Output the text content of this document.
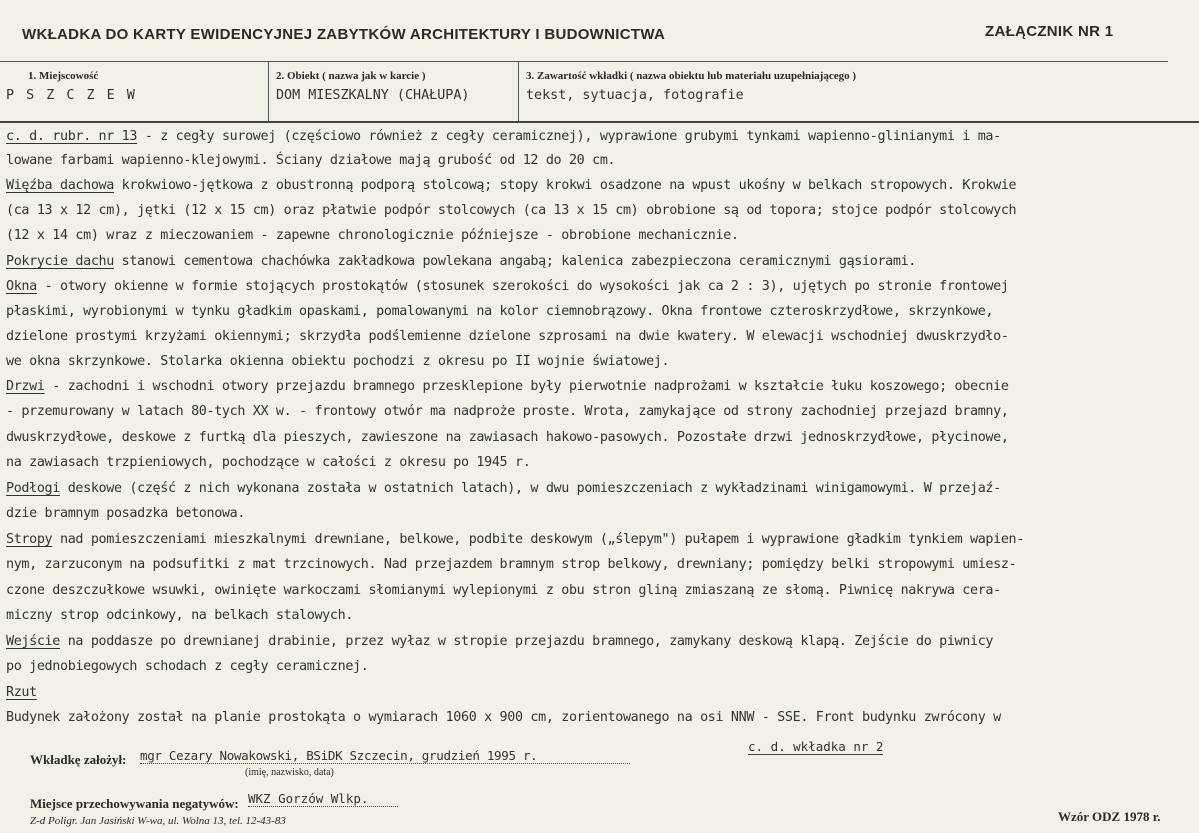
WKŁADKA DO KARTY EWIDENCYJNEJ ZABYTKÓW ARCHITEKTURY I BUDOWNICTWA	ZAŁĄCZNIK NR 1
1. Miejscowość
P S Z C Z E W
2. Obiekt ( nazwa jak w karcie )
DOM MIESZKALNY (CHAŁUPA)
3. Zawartość wkładki ( nazwa obiektu lub materiału uzupełniającego )
tekst, sytuacja, fotografie
c. d. rubr. nr 13 - z cegły surowej (częściowo również z cegły ceramicznej), wyprawione grubymi tynkami wapienno-glinianymi i ma-
lowane farbami wapienno-klejowymi. Ściany działowe mają grubość od 12 do 20 cm.
Więźba dachowa krokwiowo-jętkowa z obustronną podporą stolcową; stopy krokwi osadzone na wpust ukośny w belkach stropowych. Krokwie
(ca 13 x 12 cm), jętki (12 x 15 cm) oraz płatwie podpór stolcowych (ca 13 x 15 cm) obrobione są od topora; stojce podpór stolcowych
(12 x 14 cm) wraz z mieczowaniem - zapewne chronologicznie późniejsze - obrobione mechanicznie.
Pokrycie dachu stanowi cementowa chachówka zakładkowa powlekana angabą; kalenica zabezpieczona ceramicznymi gąsiorami.
Okna - otwory okienne w formie stojących prostokątów (stosunek szerokości do wysokości jak ca 2 : 3), ujętych po stronie frontowej
płaskimi, wyrobionymi w tynku gładkim opaskami, pomalowanymi na kolor ciemnobrązowy. Okna frontowe czteroskrzydłowe, skrzynkowe,
dzielone prostymi krzyżami okiennymi; skrzydła podślemienne dzielone szprosami na dwie kwatery. W elewacji wschodniej dwuskrzydło-
we okna skrzynkowe. Stolarka okienna obiektu pochodzi z okresu po II wojnie światowej.
Drzwi - zachodni i wschodni otwory przejazdu bramnego przesklepione były pierwotnie nadprożami w kształcie łuku koszowego; obecnie
- przemurowany w latach 80-tych XX w. - frontowy otwór ma nadproże proste. Wrota, zamykające od strony zachodniej przejazd bramny,
dwuskrzydłowe, deskowe z furtką dla pieszych, zawieszone na zawiasach hakowo-pasowych. Pozostałe drzwi jednoskrzydłowe, płycinowe,
na zawiasach trzpieniowych, pochodzące w całości z okresu po 1945 r.
Podłogi deskowe (część z nich wykonana została w ostatnich latach), w dwu pomieszczeniach z wykładzinami winigamowymi. W przejaź-
dzie bramnym posadzka betonowa.
Stropy nad pomieszczeniami mieszkalnymi drewniane, belkowe, podbite deskowym („ślepym") pułapem i wyprawione gładkim tynkiem wapien-
nym, zarzuconym na podsufitki z mat trzcinowych. Nad przejazdem bramnym strop belkowy, drewniany; pomiędzy belki stropowymi umiesz-
czone deszczułkowe wsuwki, owinięte warkoczami słomianymi wylepionymi z obu stron gliną zmiaszaną ze słomą. Piwnicę nakrywa cera-
miczny strop odcinkowy, na belkach stalowych.
Wejście na poddasze po drewnianej drabinie, przez wyłaz w stropie przejazdu bramnego, zamykany deskową klapą. Zejście do piwnicy
po jednobiegowych schodach z cegły ceramicznej.
Rzut
Budynek założony został na planie prostokąta o wymiarach 1060 x 900 cm, zorientowanego na osi NNW - SSE. Front budynku zwrócony w
Wkładkę założył: mgr Cezary Nowakowski, BSiDK Szczecin, grudzień 1995 r.
(imię, nazwisko, data)
c. d. wkładka nr 2
Miejsce przechowywania negatywów: WKZ Gorzów Wlkp.
Z-d Poligr. Jan Jasiński W-wa, ul. Wolna 13, tel. 12-43-83	Wzór ODZ 1978 r.
